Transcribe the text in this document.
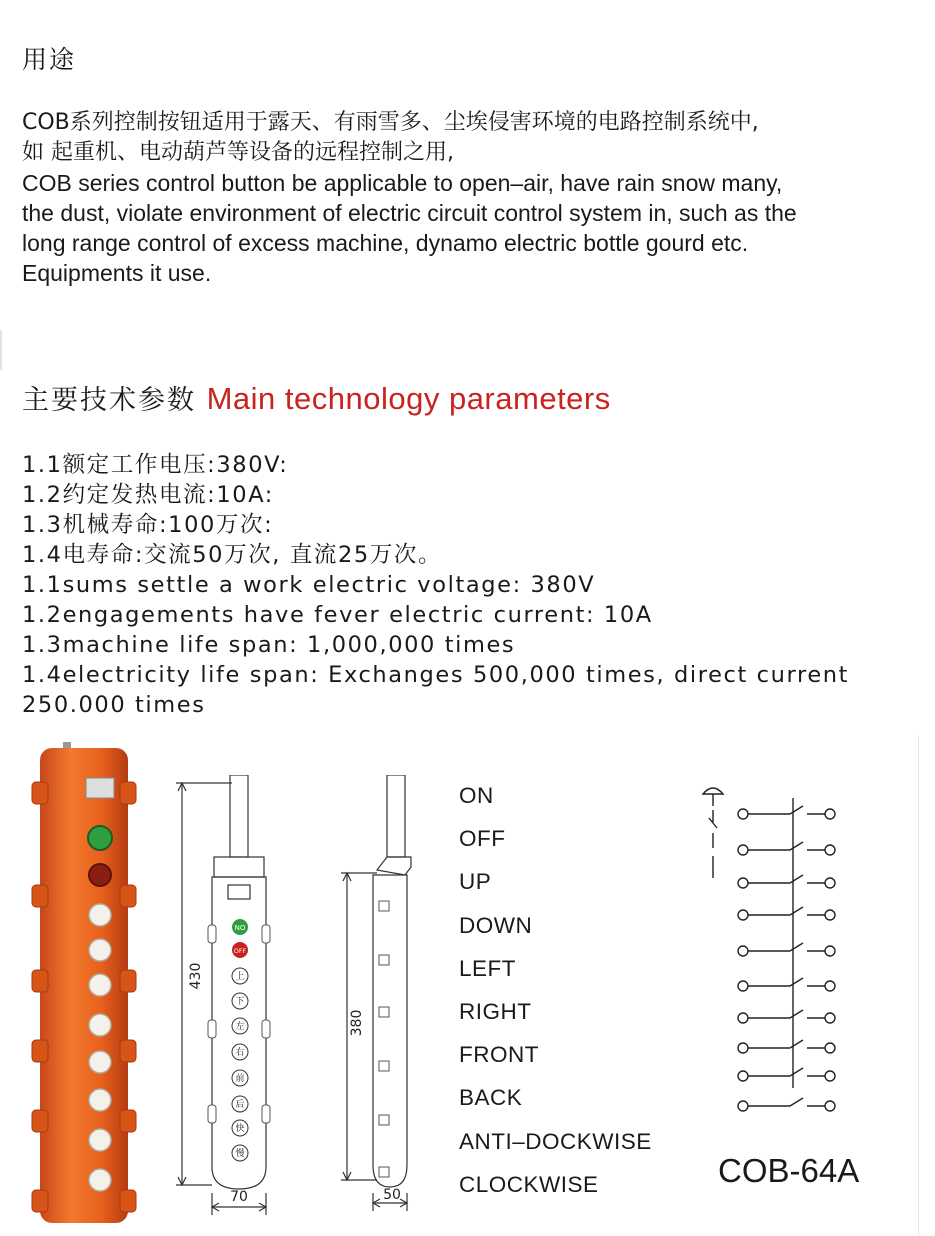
用途
COB系列控制按钮适用于露天、有雨雪多、尘埃侵害环境的电路控制系统中,
如 起重机、电动葫芦等设备的远程控制之用,
COB series control button be applicable to open–air, have rain snow many,
the dust, violate environment of electric circuit control system in, such as the
long range control of excess machine, dynamo electric bottle gourd etc.
Equipments it use.
主要技术参数 Main technology parameters
1.1额定工作电压:380V:
1.2约定发热电流:10A:
1.3机械寿命:100万次:
1.4电寿命:交流50万次, 直流25万次。
1.1sums settle a work electric voltage: 380V
1.2engagements have fever electric current: 10A
1.3machine life span: 1,000,000 times
1.4electricity life span: Exchanges 500,000 times, direct current
250.000 times
NO
OFF
上
下
左
右
前
后
快
慢
430
70
380
50
ON
OFF
UP
DOWN
LEFT
RIGHT
FRONT
BACK
ANTI–DOCKWISE
CLOCKWISE	COB-64A
